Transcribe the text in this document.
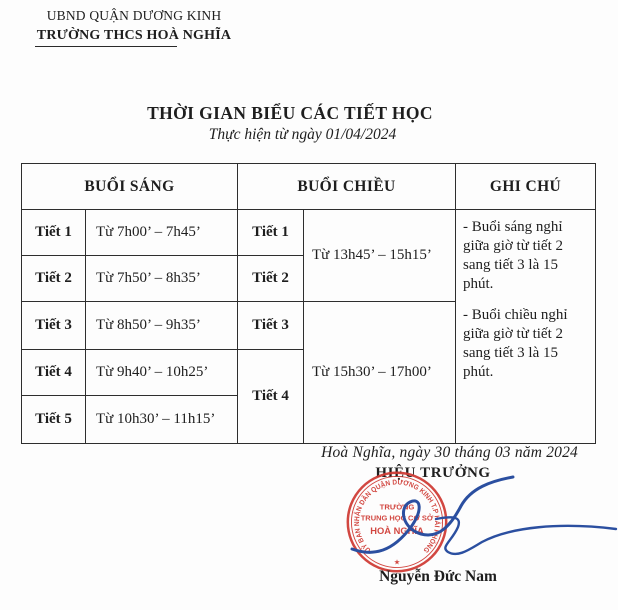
UBND QUẬN DƯƠNG KINH
TRƯỜNG THCS HOÀ NGHĨA
THỜI GIAN BIỂU CÁC TIẾT HỌC
Thực hiện từ ngày 01/04/2024
BUỔI SÁNG		BUỔI CHIỀU		GHI CHÚ
Tiết 1	Từ 7h00’ – 7h45’	Tiết 1	Từ 13h45’ – 15h15’	- Buổi sáng nghỉ giữa giờ từ tiết 2 sang tiết 3 là 15 phút.

- Buổi chiều nghỉ giữa giờ từ tiết 2 sang tiết 3 là 15 phút.

Tiết 2	Từ 7h50’ – 8h35’	Tiết 2		
Tiết 3	Từ 8h50’ – 9h35’	Tiết 3	Từ 15h30’ – 17h00’	
Tiết 4	Từ 9h40’ – 10h25’	Tiết 4		
Tiết 5	Từ 10h30’ – 11h15’			
Hoà Nghĩa, ngày 30 tháng 03 năm 2024
HIỆU TRƯỞNG
UỶ BAN NHÂN DÂN QUẬN DƯƠNG KINH T.P HẢI PHÒNG
TRƯỜNG
TRUNG HỌC CƠ SỞ
HOÀ NGHĨA
★
Nguyễn Đức Nam
